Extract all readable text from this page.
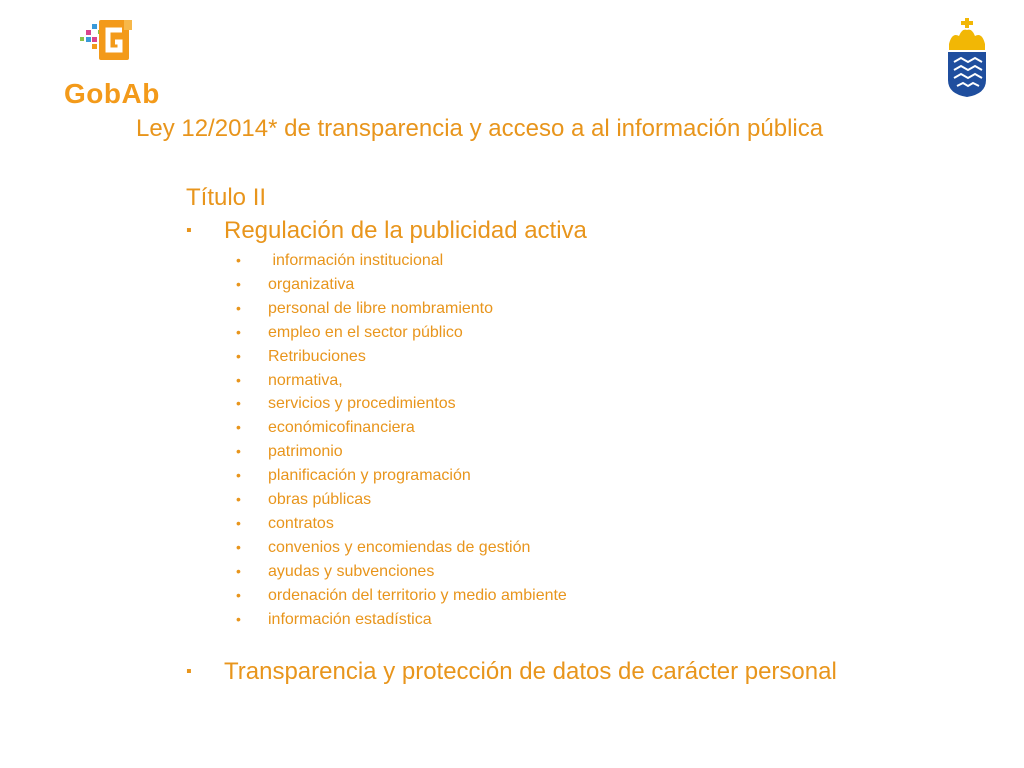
GobAb
Ley 12/2014* de transparencia y acceso a al información pública
Título II
▪ Regulación de la publicidad activa
• información institucional
• organizativa
• personal de libre nombramiento
• empleo en el sector público
• Retribuciones
• normativa,
• servicios y procedimientos
• económicofinanciera
• patrimonio
• planificación y programación
• obras públicas
• contratos
• convenios y encomiendas de gestión
• ayudas y subvenciones
• ordenación del territorio y medio ambiente
• información estadística
▪ Transparencia y protección de datos de carácter personal
